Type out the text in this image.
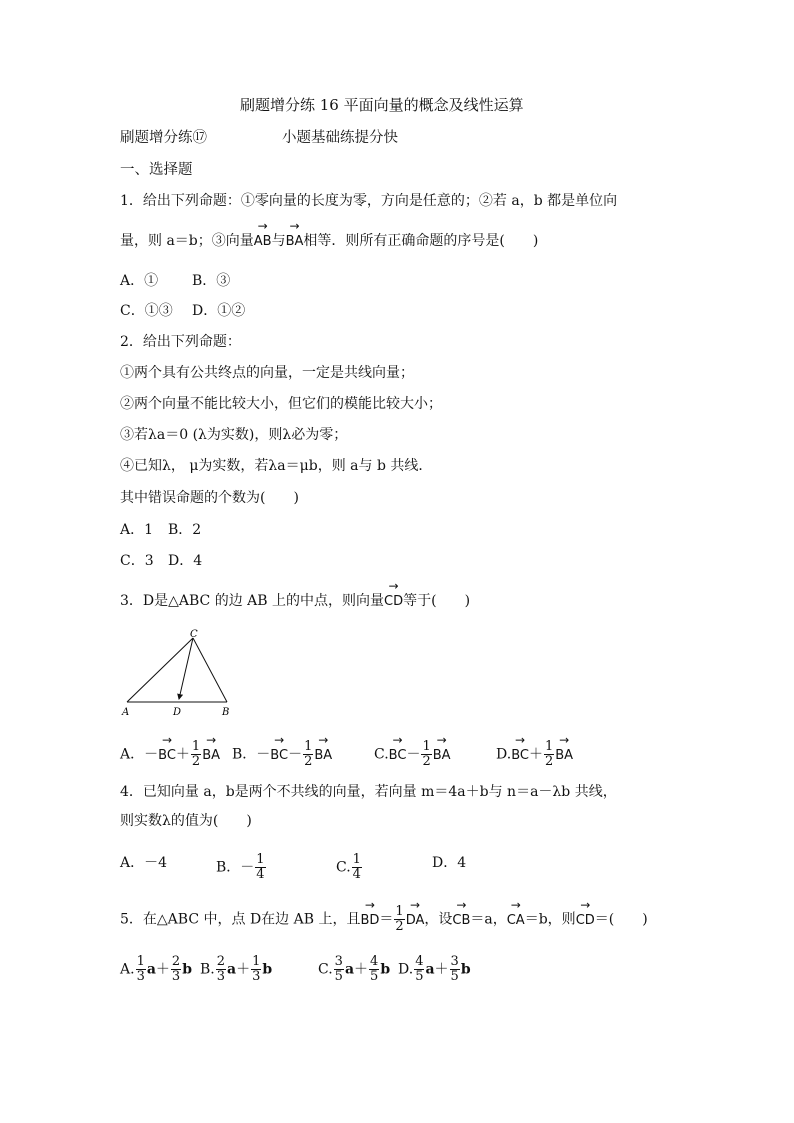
刷题增分练 16 平面向量的概念及线性运算
刷题增分练⑰	小题基础练提分快
一、选择题
1．给出下列命题：①零向量的长度为零，方向是任意的；②若 a，b 都是单位向
量，则 a＝b；③向量→ AB与→ BA相等．则所有正确命题的序号是(　　)
A．① B．③
C．①③ D．①②
2．给出下列命题：
①两个具有公共终点的向量，一定是共线向量；
②两个向量不能比较大小，但它们的模能比较大小；
③若λa＝0 (λ为实数)，则λ必为零；
④已知λ， μ为实数，若λa＝μb，则 a与 b 共线．
其中错误命题的个数为(　　)
A．1 B．2
C．3 D．4
3．D是△ABC 的边 AB 上的中点，则向量→ CD等于(　　)
C
A	D	B
A．－→ $BC+ \frac{1}{2}$ → BA B．－→ $BC- \frac{1}{2}$ → BA	$C.\to BC- \frac{1}{2}$ → BA	$D.\to BC+ \frac{1}{2}$ → BA
4．已知向量 a，b是两个不共线的向量，若向量 m＝4a＋b与 n＝a－λb 共线，
则实数λ的值为(　　)
A．－4	B．－ $\frac{1}{4}$	C. $\frac{1}{4}$	D．4
5．在△ABC 中，点 D在边 AB 上，且→ $BD= \frac{1}{2}$ → DA，设→ CB＝a，→ CA＝b，则→ CD＝(　　)
A. $\frac{1}{3} a+ \frac{2}{3}$ b B. $\frac{2}{3} a+ \frac{1}{3}$ b	C. $\frac{3}{5} a+ \frac{4}{5}$ b D. $\frac{4}{5} a+ \frac{3}{5}$ b
